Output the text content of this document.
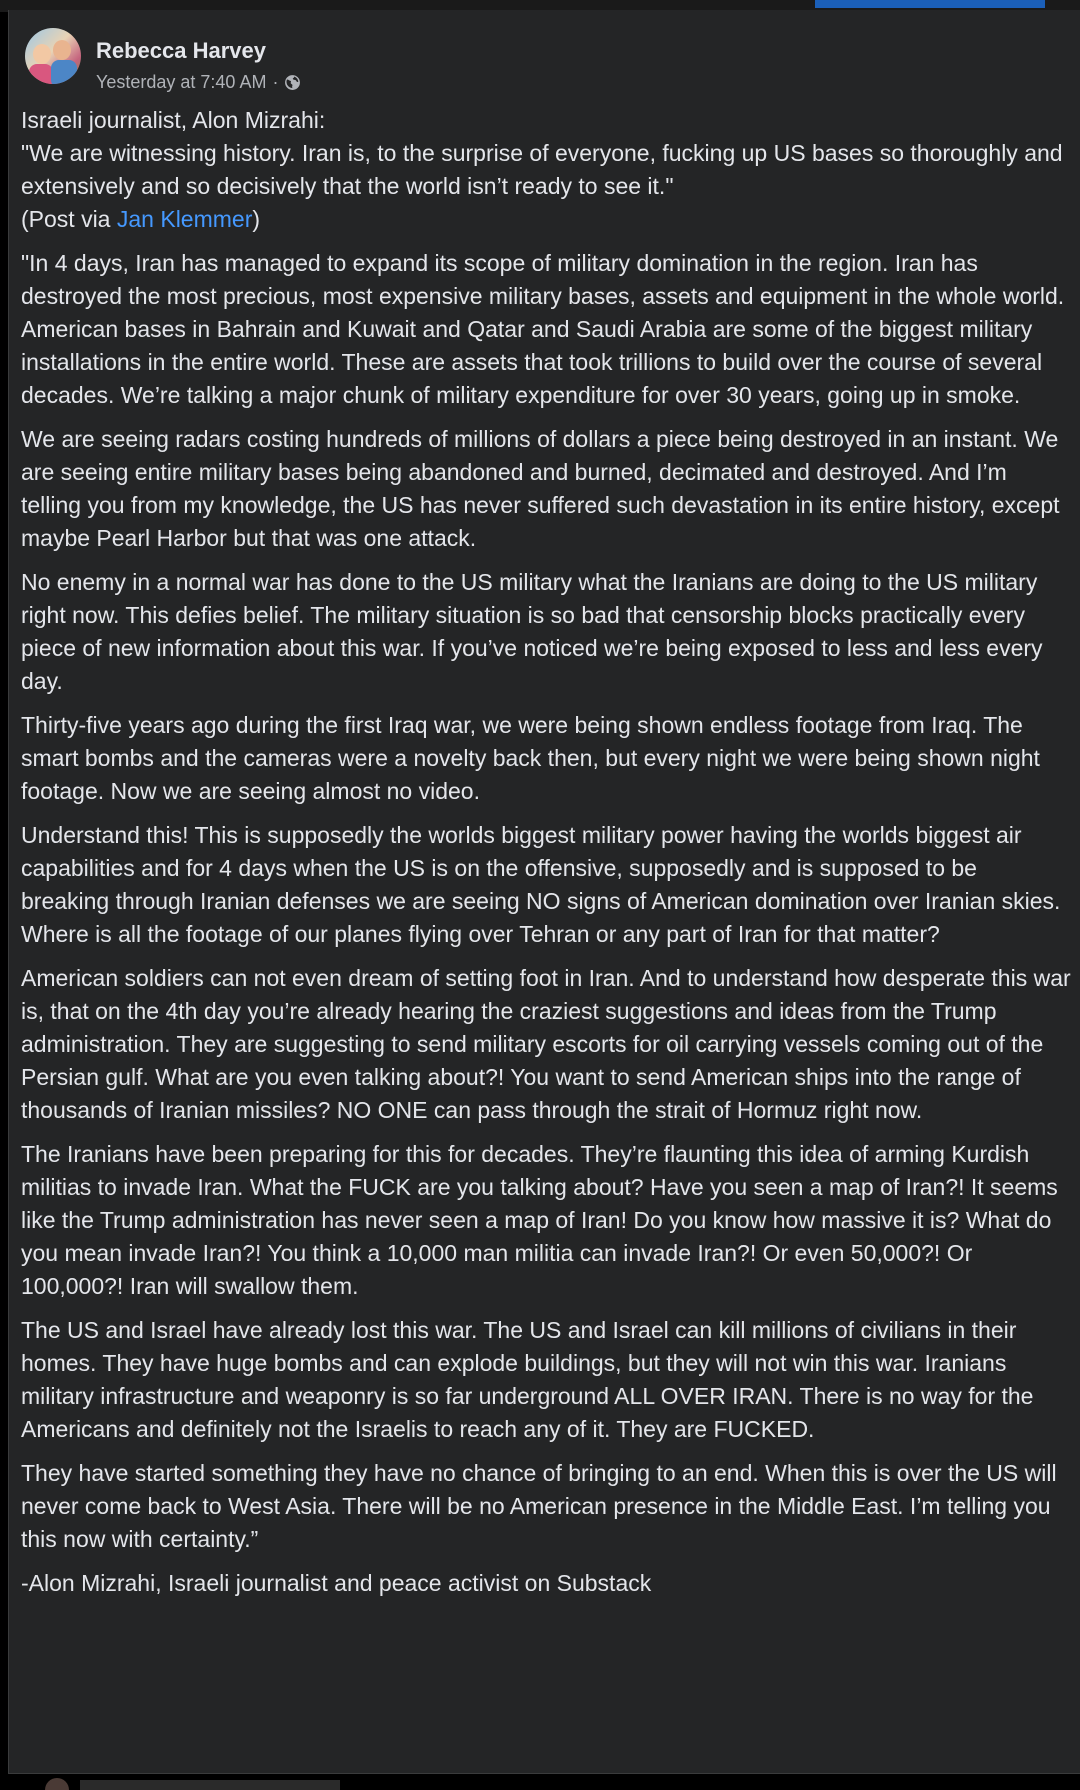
Rebecca Harvey
Yesterday at 7:40 AM ·

Israeli journalist, Alon Mizrahi:
"We are witnessing history. Iran is, to the surprise of everyone, fucking up US bases so thoroughly and extensively and so decisively that the world isn’t ready to see it."
(Post via Jan Klemmer)

"In 4 days, Iran has managed to expand its scope of military domination in the region. Iran has destroyed the most precious, most expensive military bases, assets and equipment in the whole world. American bases in Bahrain and Kuwait and Qatar and Saudi Arabia are some of the biggest military installations in the entire world. These are assets that took trillions to build over the course of several decades. We’re talking a major chunk of military expenditure for over 30 years, going up in smoke.

We are seeing radars costing hundreds of millions of dollars a piece being destroyed in an instant. We are seeing entire military bases being abandoned and burned, decimated and destroyed. And I’m telling you from my knowledge, the US has never suffered such devastation in its entire history, except maybe Pearl Harbor but that was one attack.

No enemy in a normal war has done to the US military what the Iranians are doing to the US military right now. This defies belief. The military situation is so bad that censorship blocks practically every piece of new information about this war. If you’ve noticed we’re being exposed to less and less every day.

Thirty-five years ago during the first Iraq war, we were being shown endless footage from Iraq. The smart bombs and the cameras were a novelty back then, but every night we were being shown night footage. Now we are seeing almost no video.

Understand this! This is supposedly the worlds biggest military power having the worlds biggest air capabilities and for 4 days when the US is on the offensive, supposedly and is supposed to be breaking through Iranian defenses we are seeing NO signs of American domination over Iranian skies. Where is all the footage of our planes flying over Tehran or any part of Iran for that matter?

American soldiers can not even dream of setting foot in Iran. And to understand how desperate this war is, that on the 4th day you’re already hearing the craziest suggestions and ideas from the Trump administration. They are suggesting to send military escorts for oil carrying vessels coming out of the Persian gulf. What are you even talking about?! You want to send American ships into the range of thousands of Iranian missiles? NO ONE can pass through the strait of Hormuz right now.

The Iranians have been preparing for this for decades. They’re flaunting this idea of arming Kurdish militias to invade Iran. What the FUCK are you talking about? Have you seen a map of Iran?! It seems like the Trump administration has never seen a map of Iran! Do you know how massive it is? What do you mean invade Iran?! You think a 10,000 man militia can invade Iran?! Or even 50,000?! Or 100,000?! Iran will swallow them.

The US and Israel have already lost this war. The US and Israel can kill millions of civilians in their homes. They have huge bombs and can explode buildings, but they will not win this war. Iranians military infrastructure and weaponry is so far underground ALL OVER IRAN. There is no way for the Americans and definitely not the Israelis to reach any of it. They are FUCKED.

They have started something they have no chance of bringing to an end. When this is over the US will never come back to West Asia. There will be no American presence in the Middle East. I’m telling you this now with certainty.”

-Alon Mizrahi, Israeli journalist and peace activist on Substack
